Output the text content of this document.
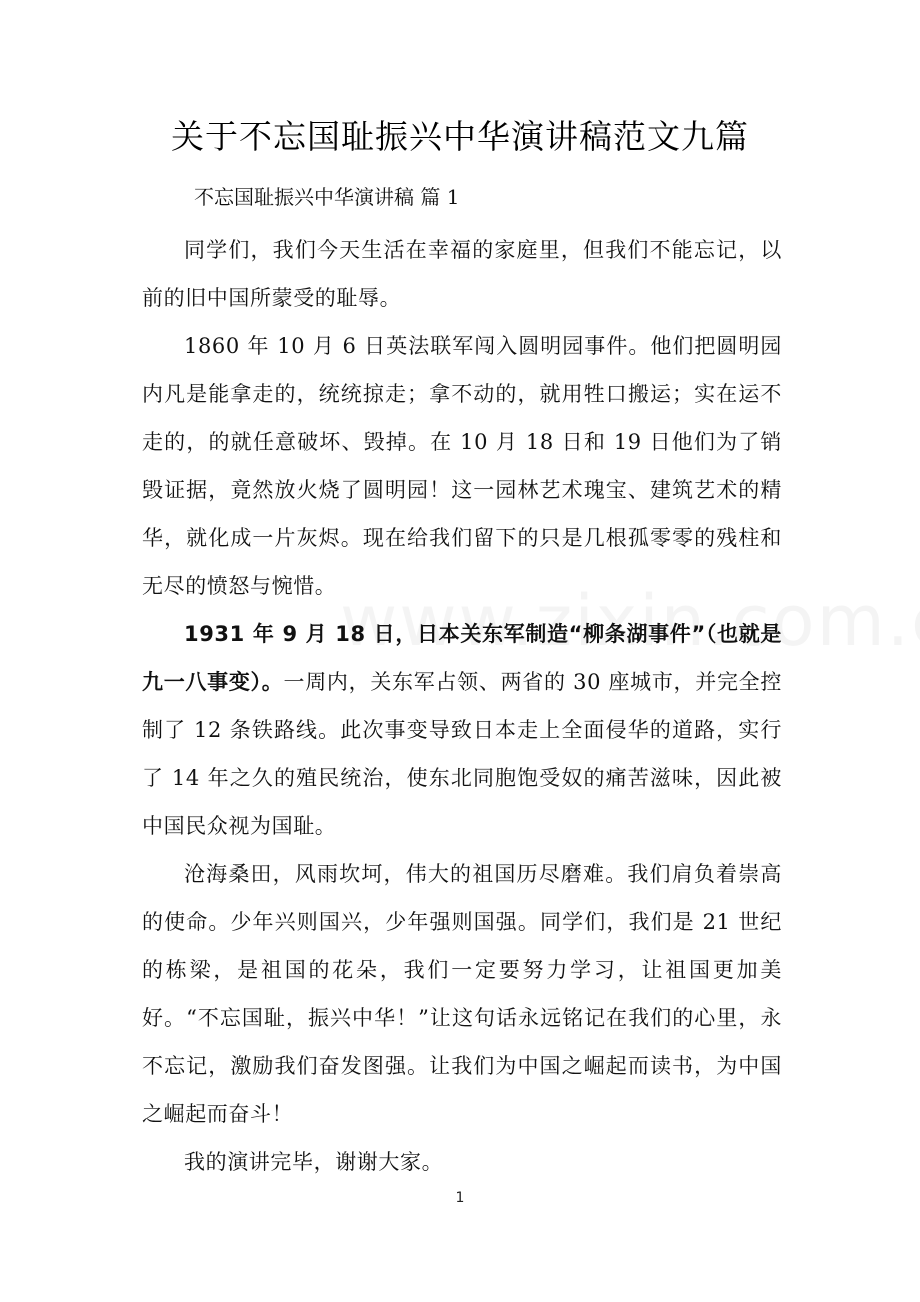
关于不忘国耻振兴中华演讲稿范文九篇
不忘国耻振兴中华演讲稿 篇 1

同学们，我们今天生活在幸福的家庭里，但我们不能忘记，以前的旧中国所蒙受的耻辱。

1860 年 10 月 6 日英法联军闯入圆明园事件。他们把圆明园内凡是能拿走的，统统掠走；拿不动的，就用牲口搬运；实在运不走的，的就任意破坏、毁掉。在 10 月 18 日和 19 日他们为了销毁证据，竟然放火烧了圆明园！这一园林艺术瑰宝、建筑艺术的精华，就化成一片灰烬。现在给我们留下的只是几根孤零零的残柱和无尽的愤怒与惋惜。

1931 年 9 月 18 日，日本关东军制造“柳条湖事件”（也就是九一八事变）。一周内，关东军占领、两省的 30 座城市，并完全控制了 12 条铁路线。此次事变导致日本走上全面侵华的道路，实行了 14 年之久的殖民统治，使东北同胞饱受奴的痛苦滋味，因此被中国民众视为国耻。

沧海桑田，风雨坎坷，伟大的祖国历尽磨难。我们肩负着崇高的使命。少年兴则国兴，少年强则国强。同学们，我们是 21 世纪的栋梁，是祖国的花朵，我们一定要努力学习，让祖国更加美好。“不忘国耻，振兴中华！”让这句话永远铭记在我们的心里，永不忘记，激励我们奋发图强。让我们为中国之崛起而读书，为中国之崛起而奋斗！

我的演讲完毕，谢谢大家。

1
